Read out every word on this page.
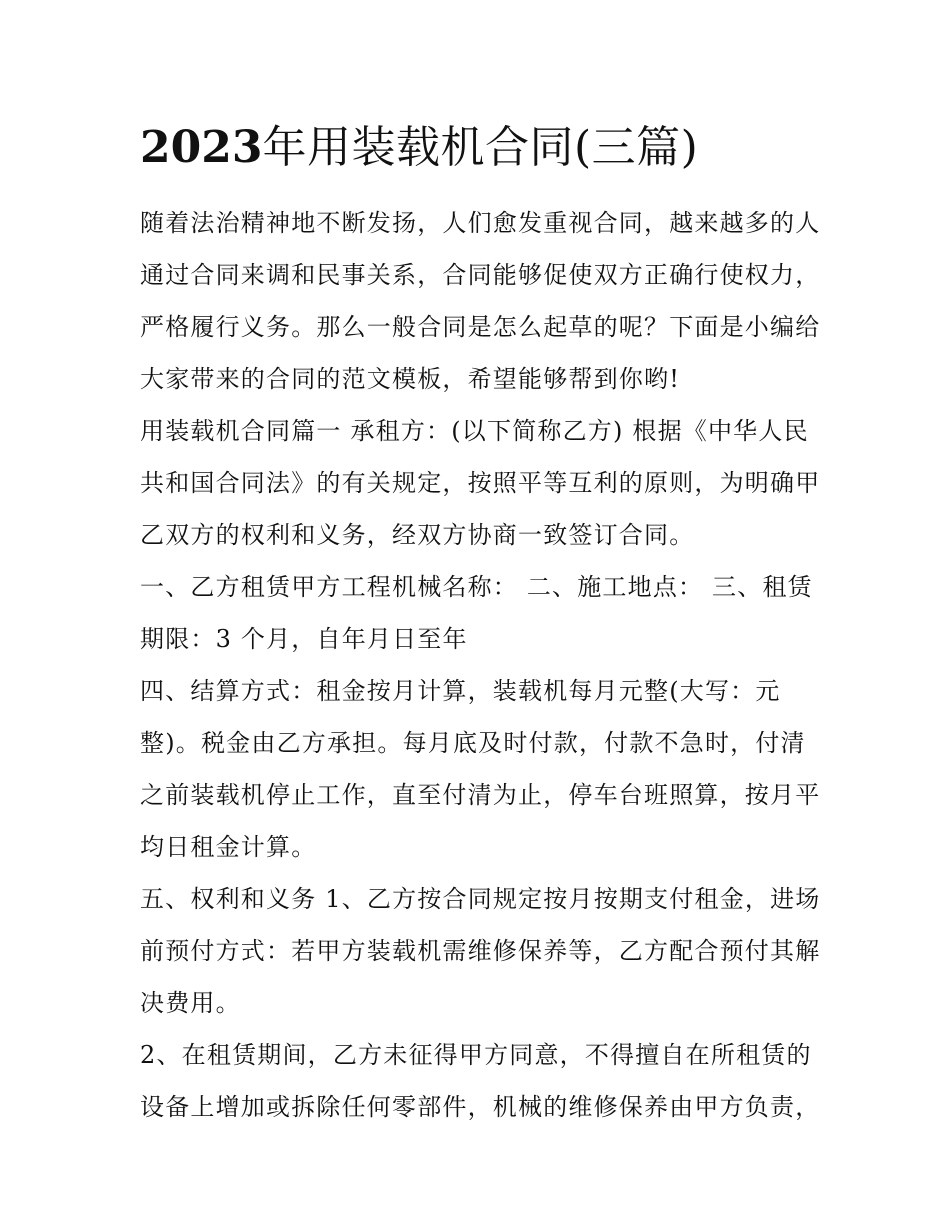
2023年用装载机合同(三篇)
随着法治精神地不断发扬，人们愈发重视合同，越来越多的人
通过合同来调和民事关系，合同能够促使双方正确行使权力，
严格履行义务。那么一般合同是怎么起草的呢？下面是小编给
大家带来的合同的范文模板，希望能够帮到你哟!
用装载机合同篇一 承租方：(以下简称乙方) 根据《中华人民
共和国合同法》的有关规定，按照平等互利的原则，为明确甲
乙双方的权利和义务，经双方协商一致签订合同。
一、乙方租赁甲方工程机械名称： 二、施工地点： 三、租赁
期限：3 个月，自年月日至年
四、结算方式：租金按月计算，装载机每月元整(大写：元
整)。税金由乙方承担。每月底及时付款，付款不急时，付清
之前装载机停止工作，直至付清为止，停车台班照算，按月平
均日租金计算。
五、权利和义务 1、乙方按合同规定按月按期支付租金，进场
前预付方式：若甲方装载机需维修保养等，乙方配合预付其解
决费用。
2、在租赁期间，乙方未征得甲方同意，不得擅自在所租赁的
设备上增加或拆除任何零部件，机械的维修保养由甲方负责，
